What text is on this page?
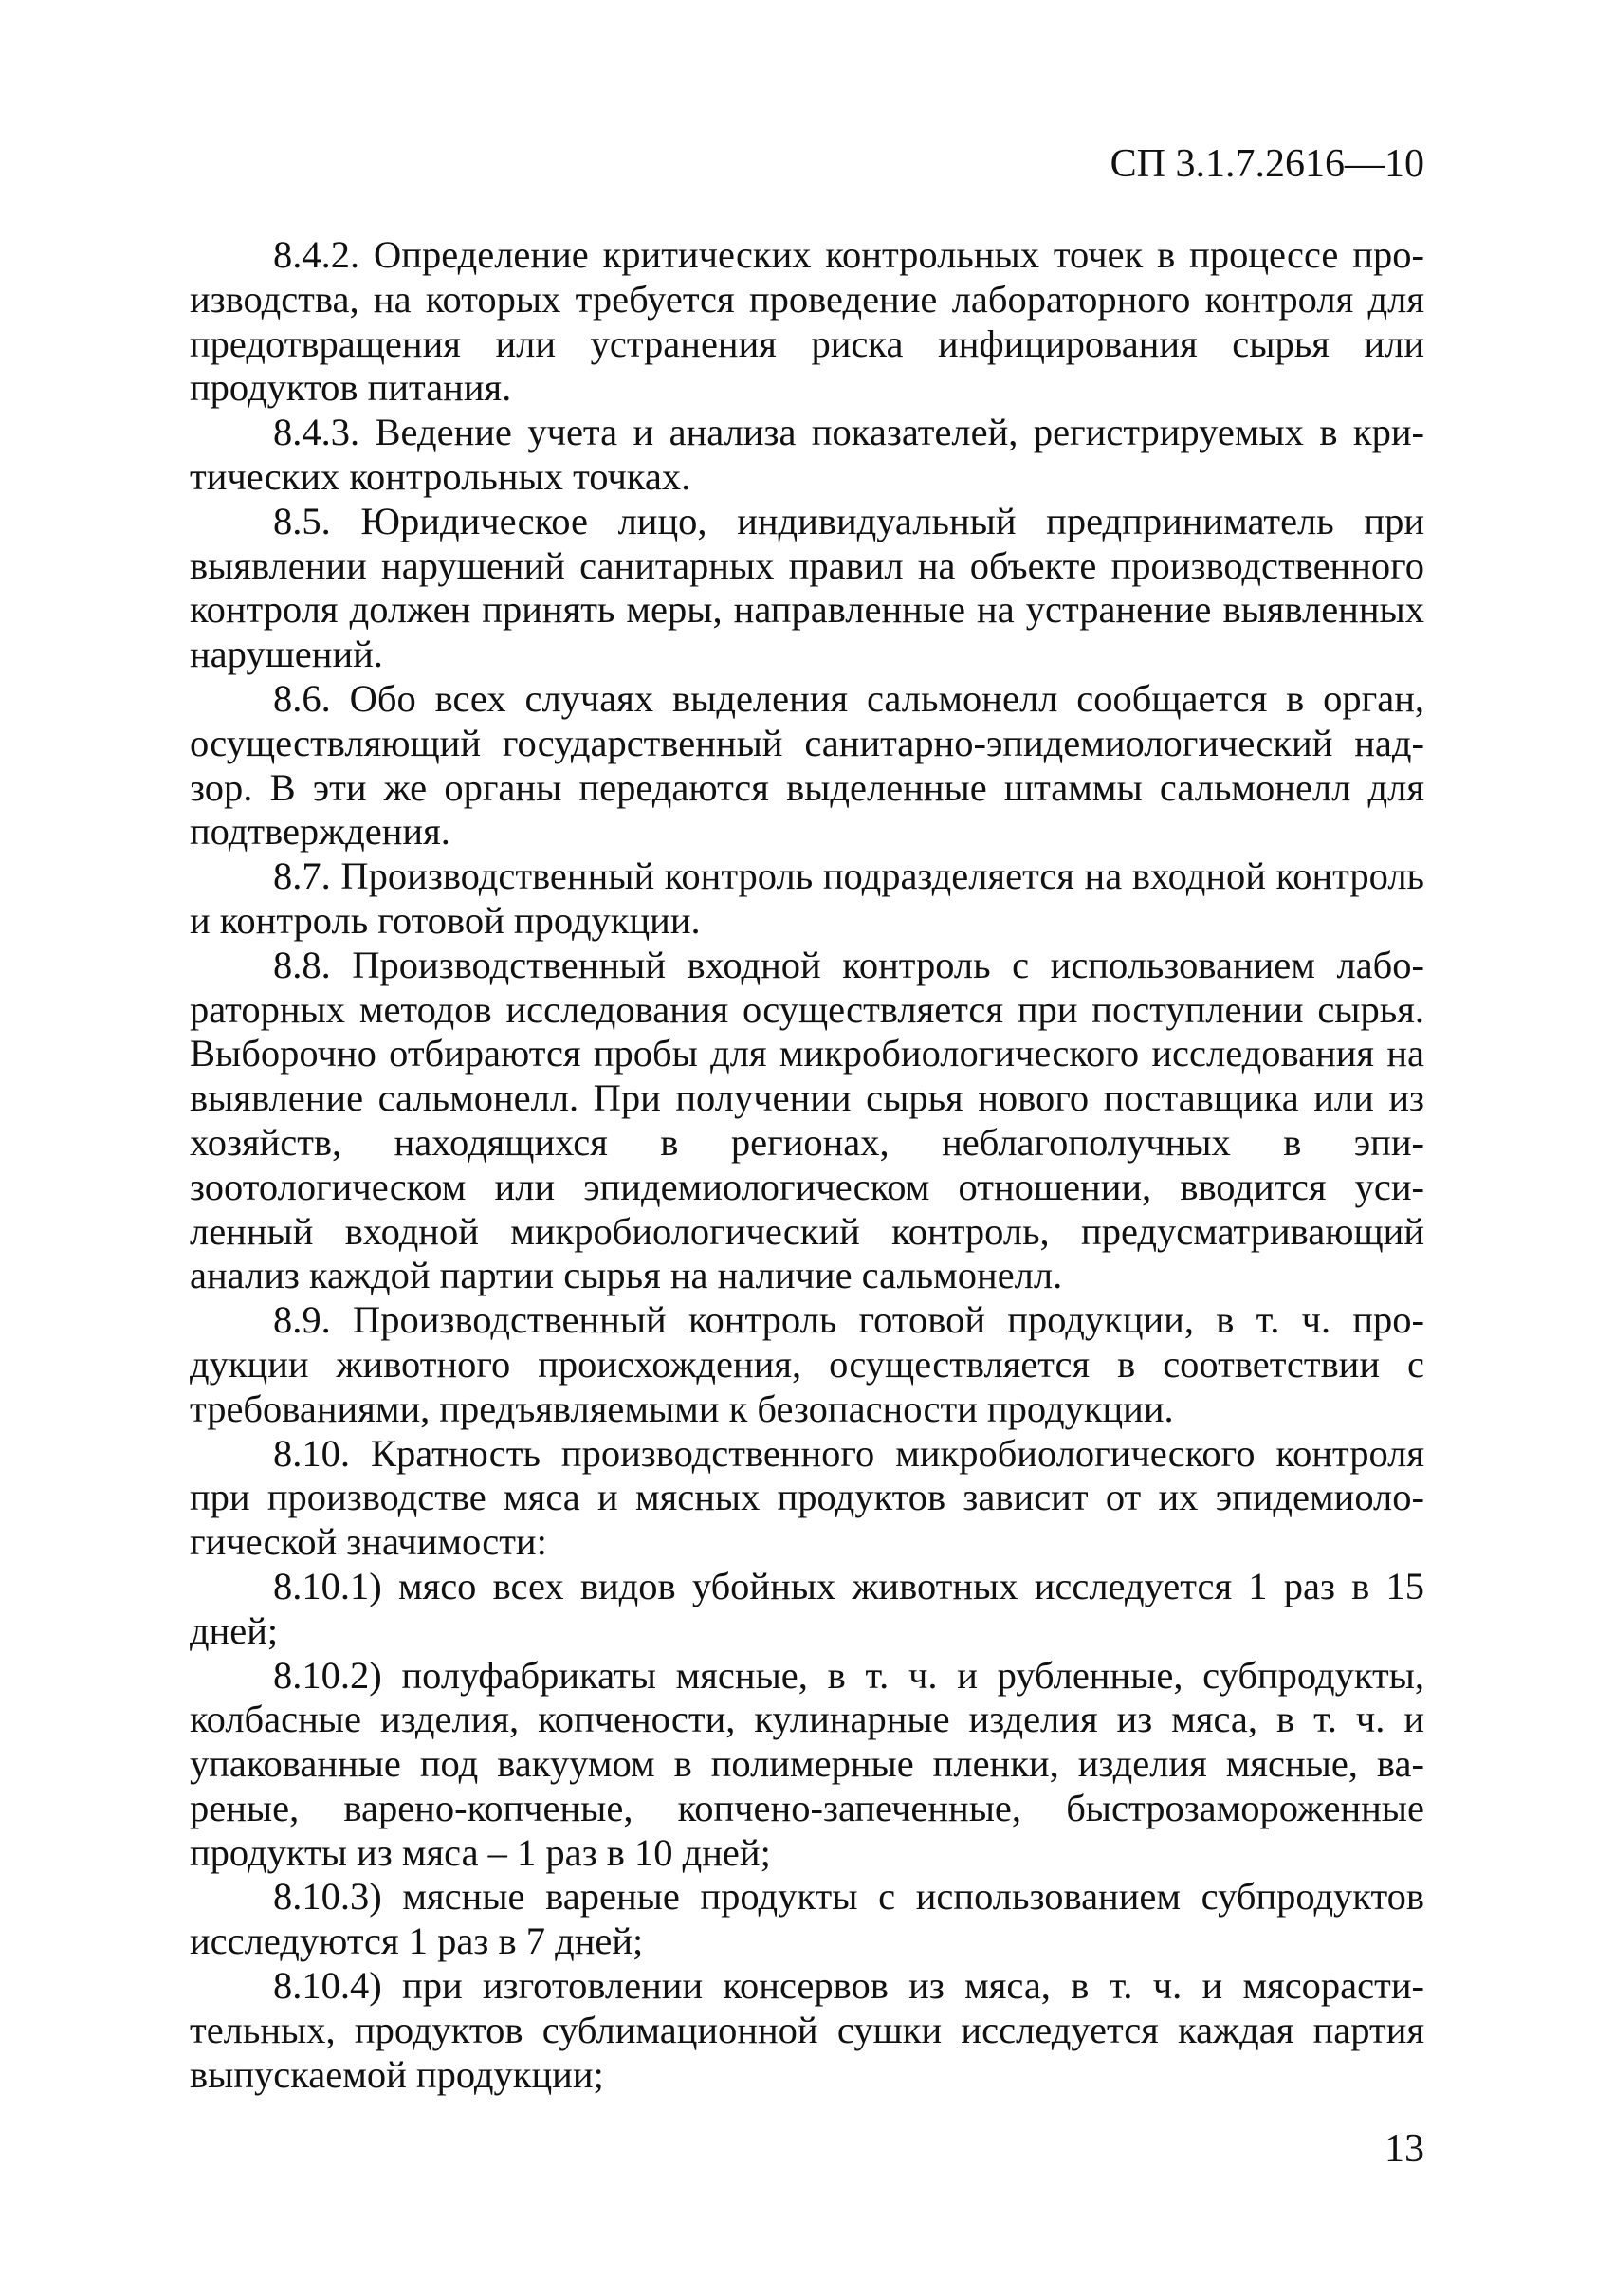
СП 3.1.7.2616—10

8.4.2. Определение критических контрольных точек в процессе производства, на которых требуется проведение лабораторного контроля для предотвращения или устранения риска инфицирования сырья или продуктов питания.

8.4.3. Ведение учета и анализа показателей, регистрируемых в критических контрольных точках.

8.5. Юридическое лицо, индивидуальный предприниматель при выявлении нарушений санитарных правил на объекте производственного контроля должен принять меры, направленные на устранение выявленных нарушений.

8.6. Обо всех случаях выделения сальмонелл сообщается в орган, осуществляющий государственный санитарно-эпидемиологический надзор. В эти же органы передаются выделенные штаммы сальмонелл для подтверждения.

8.7. Производственный контроль подразделяется на входной контроль и контроль готовой продукции.

8.8. Производственный входной контроль с использованием лабораторных методов исследования осуществляется при поступлении сырья. Выборочно отбираются пробы для микробиологического исследования на выявление сальмонелл. При получении сырья нового поставщика или из хозяйств, находящихся в регионах, неблагополучных в эпизоотологическом или эпидемиологическом отношении, вводится усиленный входной микробиологический контроль, предусматривающий анализ каждой партии сырья на наличие сальмонелл.

8.9. Производственный контроль готовой продукции, в т. ч. продукции животного происхождения, осуществляется в соответствии с требованиями, предъявляемыми к безопасности продукции.

8.10. Кратность производственного микробиологического контроля при производстве мяса и мясных продуктов зависит от их эпидемиологической значимости:

8.10.1) мясо всех видов убойных животных исследуется 1 раз в 15 дней;

8.10.2) полуфабрикаты мясные, в т. ч. и рубленные, субпродукты, колбасные изделия, копчености, кулинарные изделия из мяса, в т. ч. и упакованные под вакуумом в полимерные пленки, изделия мясные, вареные, варено-копченые, копчено-запеченные, быстрозамороженные продукты из мяса – 1 раз в 10 дней;

8.10.3) мясные вареные продукты с использованием субпродуктов исследуются 1 раз в 7 дней;

8.10.4) при изготовлении консервов из мяса, в т. ч. и мясорастительных, продуктов сублимационной сушки исследуется каждая партия выпускаемой продукции;

13
